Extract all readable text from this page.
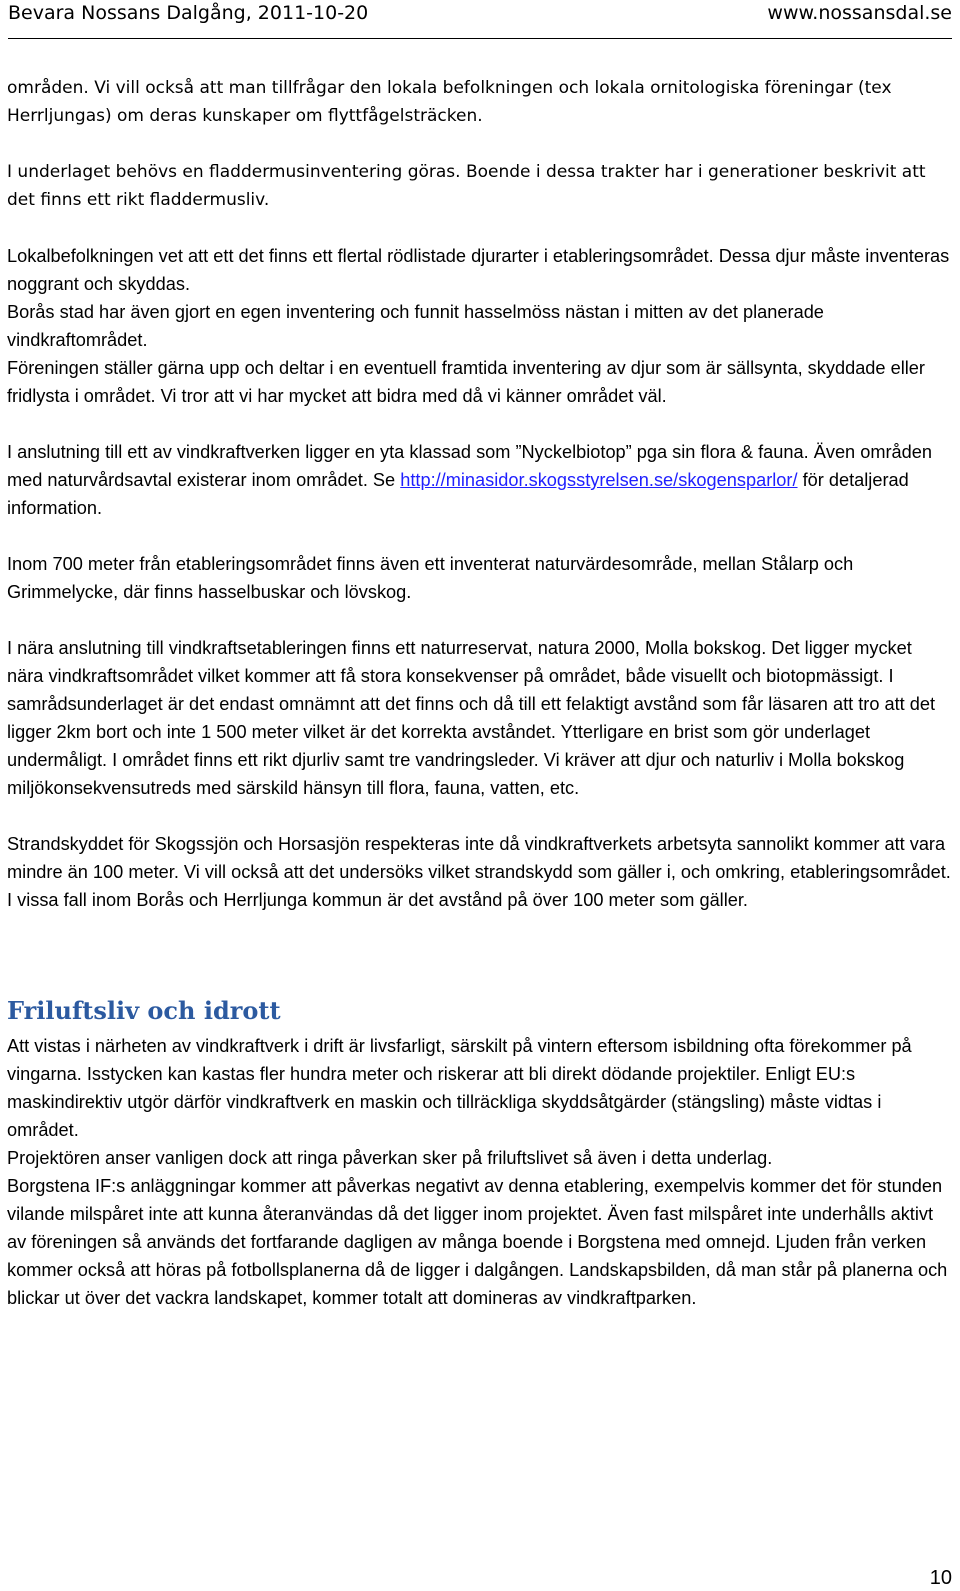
Bevara Nossans Dalgång, 2011-10-20	www.nossansdal.se

områden. Vi vill också att man tillfrågar den lokala befolkningen och lokala ornitologiska föreningar (tex Herrljungas) om deras kunskaper om flyttfågelsträcken.

I underlaget behövs en fladdermusinventering göras. Boende i dessa trakter har i generationer beskrivit att det finns ett rikt fladdermusliv.

Lokalbefolkningen vet att ett det finns ett flertal rödlistade djurarter i etableringsområdet. Dessa djur måste inventeras noggrant och skyddas.

Borås stad har även gjort en egen inventering och funnit hasselmöss nästan i mitten av det planerade vindkraftområdet.

Föreningen ställer gärna upp och deltar i en eventuell framtida inventering av djur som är sällsynta, skyddade eller fridlysta i området. Vi tror att vi har mycket att bidra med då vi känner området väl.

I anslutning till ett av vindkraftverken ligger en yta klassad som ”Nyckelbiotop” pga sin flora & fauna. Även områden med naturvårdsavtal existerar inom området. Se http://minasidor.skogsstyrelsen.se/skogensparlor/ för detaljerad information.

Inom 700 meter från etableringsområdet finns även ett inventerat naturvärdesområde, mellan Stålarp och Grimmelycke, där finns hasselbuskar och lövskog.

I nära anslutning till vindkraftsetableringen finns ett naturreservat, natura 2000, Molla bokskog. Det ligger mycket nära vindkraftsområdet vilket kommer att få stora konsekvenser på området, både visuellt och biotopmässigt. I samrådsunderlaget är det endast omnämnt att det finns och då till ett felaktigt avstånd som får läsaren att tro att det ligger 2km bort och inte 1 500 meter vilket är det korrekta avståndet. Ytterligare en brist som gör underlaget undermåligt. I området finns ett rikt djurliv samt tre vandringsleder. Vi kräver att djur och naturliv i Molla bokskog miljökonsekvensutreds med särskild hänsyn till flora, fauna, vatten, etc.

Strandskyddet för Skogssjön och Horsasjön respekteras inte då vindkraftverkets arbetsyta sannolikt kommer att vara mindre än 100 meter. Vi vill också att det undersöks vilket strandskydd som gäller i, och omkring, etableringsområdet. I vissa fall inom Borås och Herrljunga kommun är det avstånd på över 100 meter som gäller.

Friluftsliv och idrott

Att vistas i närheten av vindkraftverk i drift är livsfarligt, särskilt på vintern eftersom isbildning ofta förekommer på vingarna. Isstycken kan kastas fler hundra meter och riskerar att bli direkt dödande projektiler. Enligt EU:s maskindirektiv utgör därför vindkraftverk en maskin och tillräckliga skyddsåtgärder (stängsling) måste vidtas i området.

Projektören anser vanligen dock att ringa påverkan sker på friluftslivet så även i detta underlag.

Borgstena IF:s anläggningar kommer att påverkas negativt av denna etablering, exempelvis kommer det för stunden vilande milspåret inte att kunna återanvändas då det ligger inom projektet. Även fast milspåret inte underhålls aktivt av föreningen så används det fortfarande dagligen av många boende i Borgstena med omnejd. Ljuden från verken kommer också att höras på fotbollsplanerna då de ligger i dalgången. Landskapsbilden, då man står på planerna och blickar ut över det vackra landskapet, kommer totalt att domineras av vindkraftparken.

10
